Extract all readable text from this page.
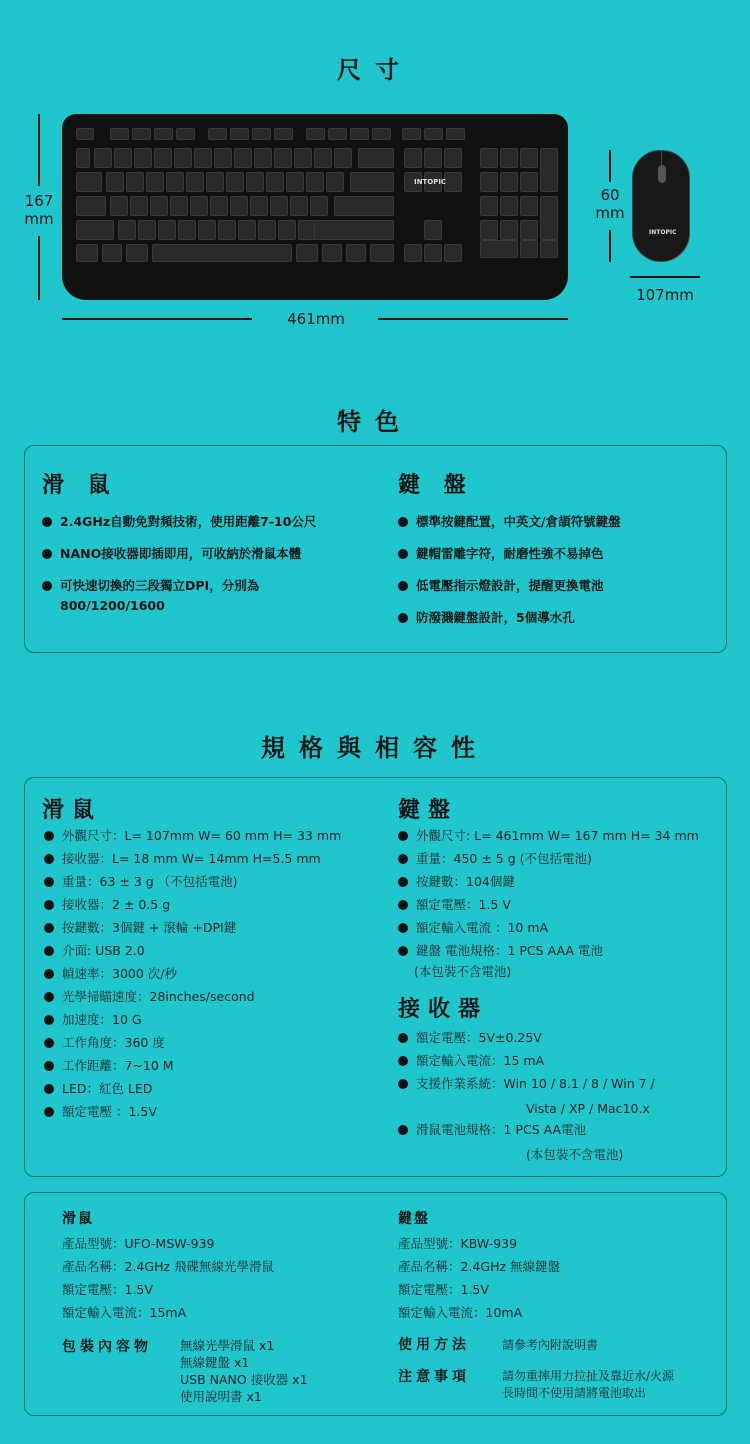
尺寸
167
mm
INTOPIC
461mm
60
mm
INTOPIC
107mm
特色
滑 鼠	鍵 盤
2.4GHz自動免對頻技術，使用距離7-10公尺
NANO接收器即插即用，可收納於滑鼠本體
可快速切換的三段獨立DPI，分別為800/1200/1600
標準按鍵配置，中英文/倉頡符號鍵盤
鍵帽雷雕字符，耐磨性強不易掉色
低電壓指示燈設計，提醒更換電池
防潑濺鍵盤設計，5個導水孔
規格與相容性
滑鼠	鍵盤
外觀尺寸：L= 107mm W= 60 mm H= 33 mm
接收器：L= 18 mm W= 14mm H=5.5 mm
重量：63 ± 3 g （不包括電池)
接收器：2 ± 0.5 g
按鍵數：3個鍵 + 滾輪 +DPI鍵
介面: USB 2.0
幀速率：3000 次/秒
光學掃瞄速度：28inches/second
加速度：10 G
工作角度：360 度
工作距離：7~10 M
LED：紅色 LED
額定電壓 ：1.5V
外觀尺寸: L= 461mm W= 167 mm H= 34 mm
重量：450 ± 5 g (不包括電池)
按鍵數：104個鍵
額定電壓：1.5 V
額定輸入電流 ：10 mA
鍵盤 電池規格：1 PCS AAA 電池
(本包裝不含電池)
接收器
額定電壓：5V±0.25V
額定輸入電流：15 mA
支援作業系統：Win 10 / 8.1 / 8 / Win 7 /
滑鼠電池規格：1 PCS AA電池
Vista / XP / Mac10.x
(本包裝不含電池)
滑鼠	鍵盤
產品型號：UFO-MSW-939
產品名稱：2.4GHz 飛碟無線光學滑鼠
額定電壓：1.5V
額定輸入電流：15mA
產品型號：KBW-939
產品名稱：2.4GHz 無線鍵盤
額定電壓：1.5V
額定輸入電流：10mA
包裝內容物 無線光學滑鼠 x1
無線鍵盤 x1
USB NANO 接收器 x1
使用說明書 x1
使用方法	請參考內附說明書
注意事項	請勿重摔用力拉扯及靠近水/火源
長時間不使用請將電池取出
